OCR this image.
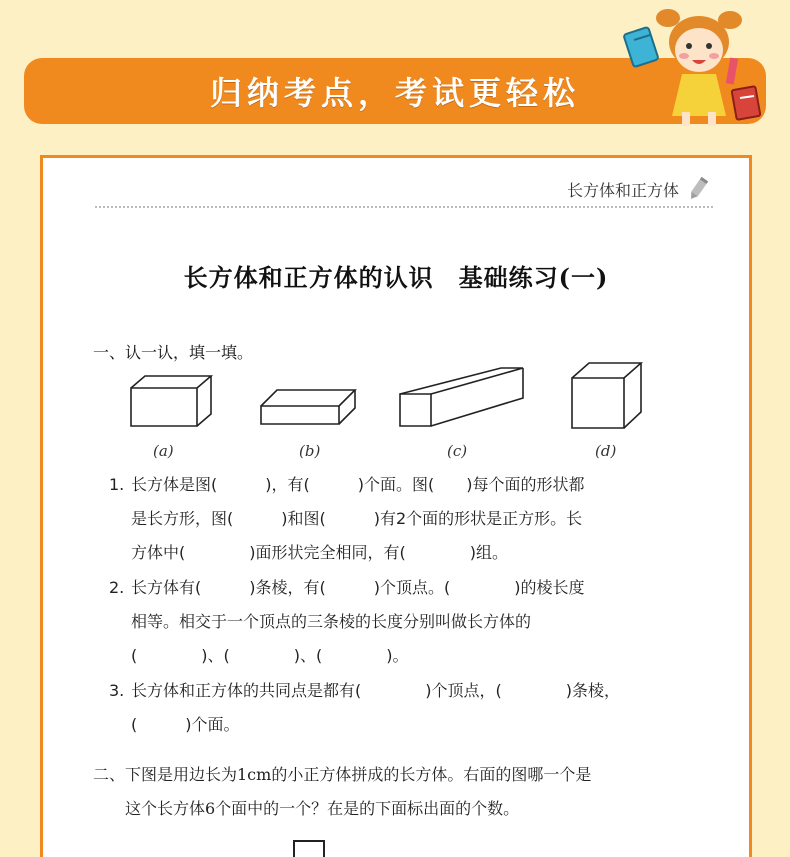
归纳考点，考试更轻松
长方体和正方体
长方体和正方体的认识　基础练习(一)
一、认一认，填一填。
(a)	(b)	(c)	(d)
1. 长方体是图(　　　)，有(　　　)个面。图(　　)每个面的形状都
是长方形，图(　　　)和图(　　　)有2个面的形状是正方形。长
方体中(　　　　)面形状完全相同，有(　　　　)组。
2. 长方体有(　　　)条棱，有(　　　)个顶点。(　　　　)的棱长度
相等。相交于一个顶点的三条棱的长度分别叫做长方体的
(　　　　)、(　　　　)、(　　　　)。
3. 长方体和正方体的共同点是都有(　　　　)个顶点，(　　　　)条棱，
(　　　)个面。
二、下图是用边长为1cm的小正方体拼成的长方体。右面的图哪一个是
这个长方体6个面中的一个？在是的下面标出面的个数。
